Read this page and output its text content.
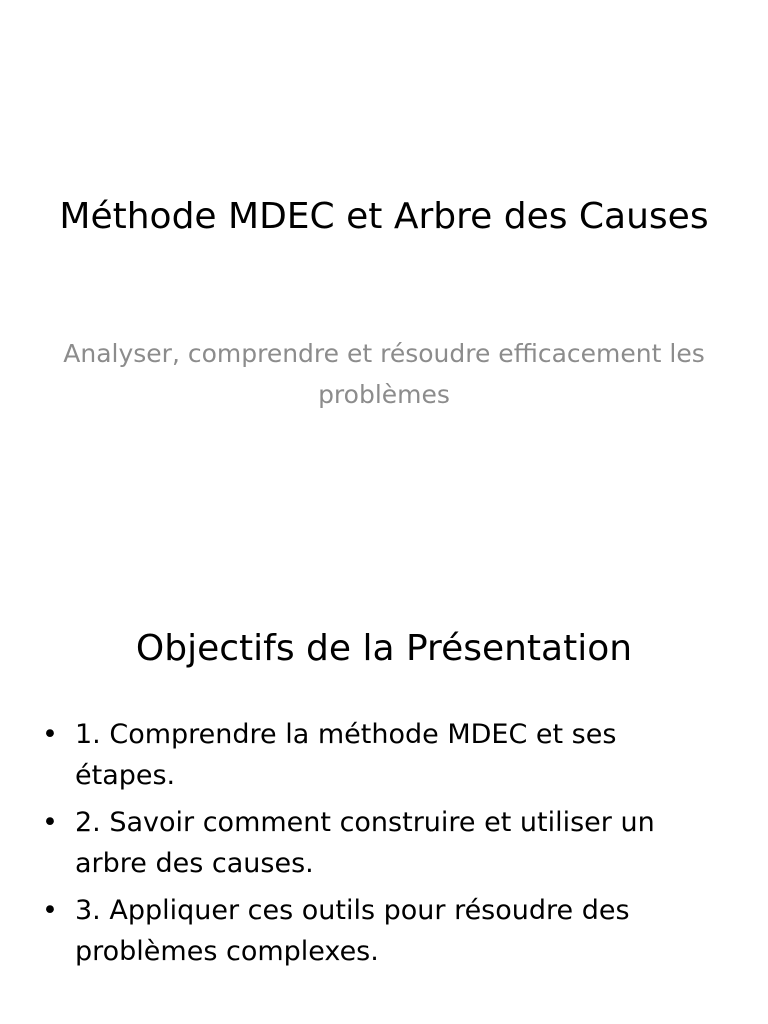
Méthode MDEC et Arbre des Causes

Analyser, comprendre et résoudre efficacement les problèmes

Objectifs de la Présentation
• 1. Comprendre la méthode MDEC et ses étapes.
• 2. Savoir comment construire et utiliser un arbre des causes.
• 3. Appliquer ces outils pour résoudre des problèmes complexes.
